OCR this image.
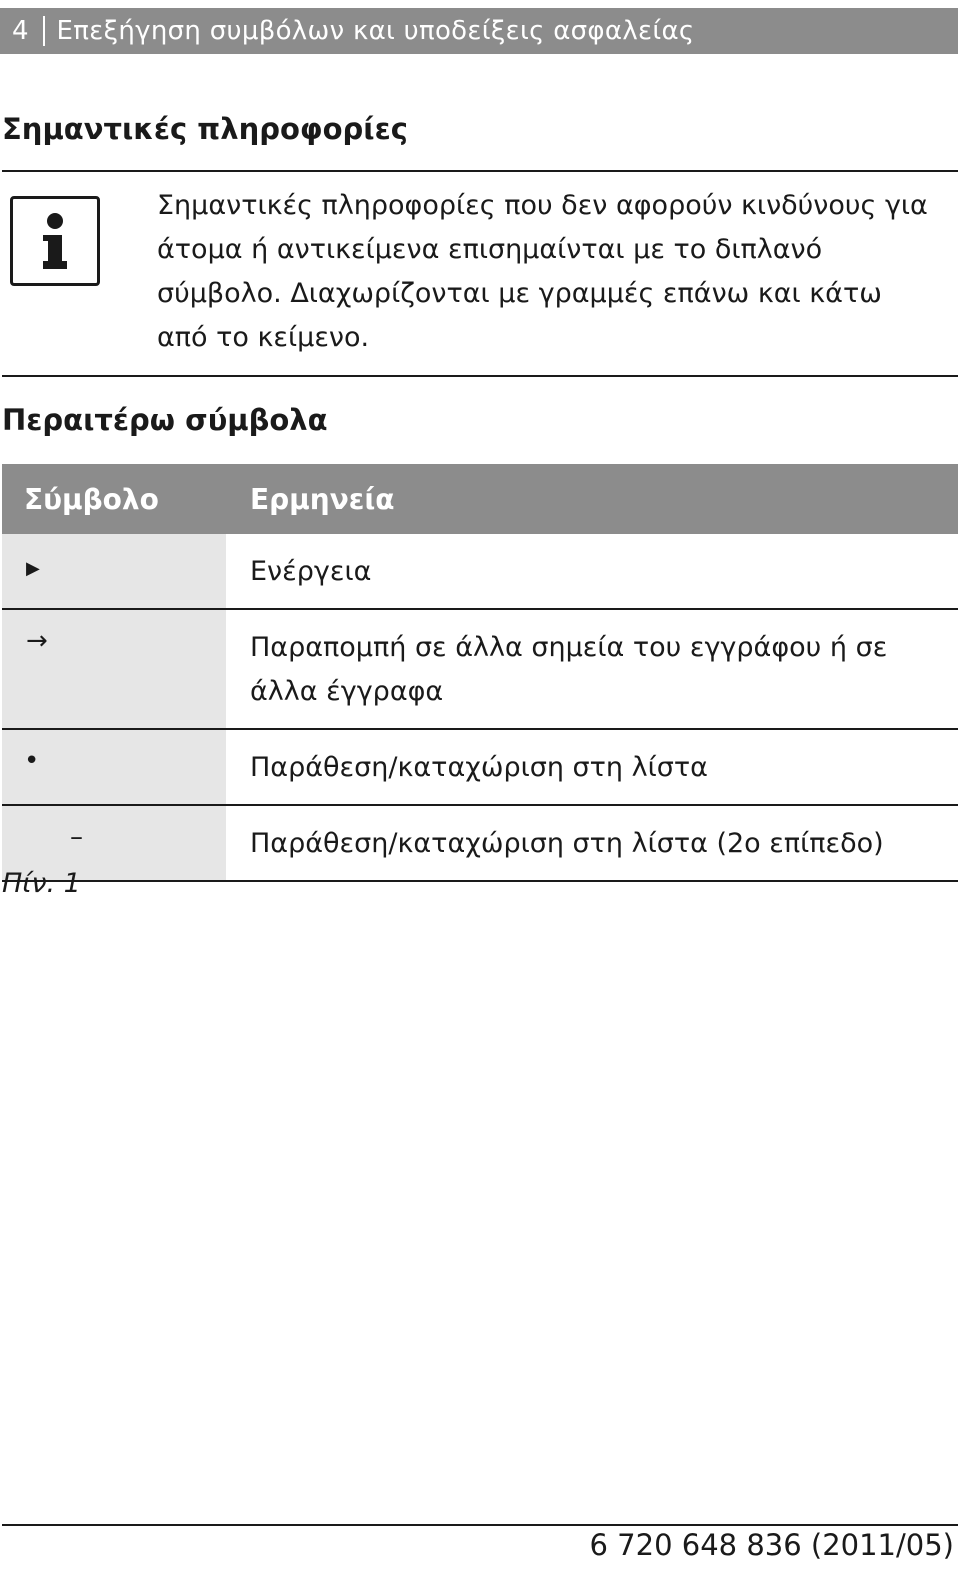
4 Επεξήγηση συμβόλων και υποδείξεις ασφαλείας
Σημαντικές πληροφορίες
Σημαντικές πληροφορίες που δεν αφορούν κινδύνους για άτομα ή αντικείμενα επισημαίνται με το διπλανό σύμβολο. Διαχωρίζονται με γραμμές επάνω και κάτω από το κείμενο.
Περαιτέρω σύμβολα
Σύμβολο	Ερμηνεία
▶	Ενέργεια
→	Παραπομπή σε άλλα σημεία του εγγράφου ή σε άλλα έγγραφα
•	Παράθεση/καταχώριση στη λίστα
–	Παράθεση/καταχώριση στη λίστα (2ο επίπεδο)
Πίν. 1
6 720 648 836 (2011/05)
